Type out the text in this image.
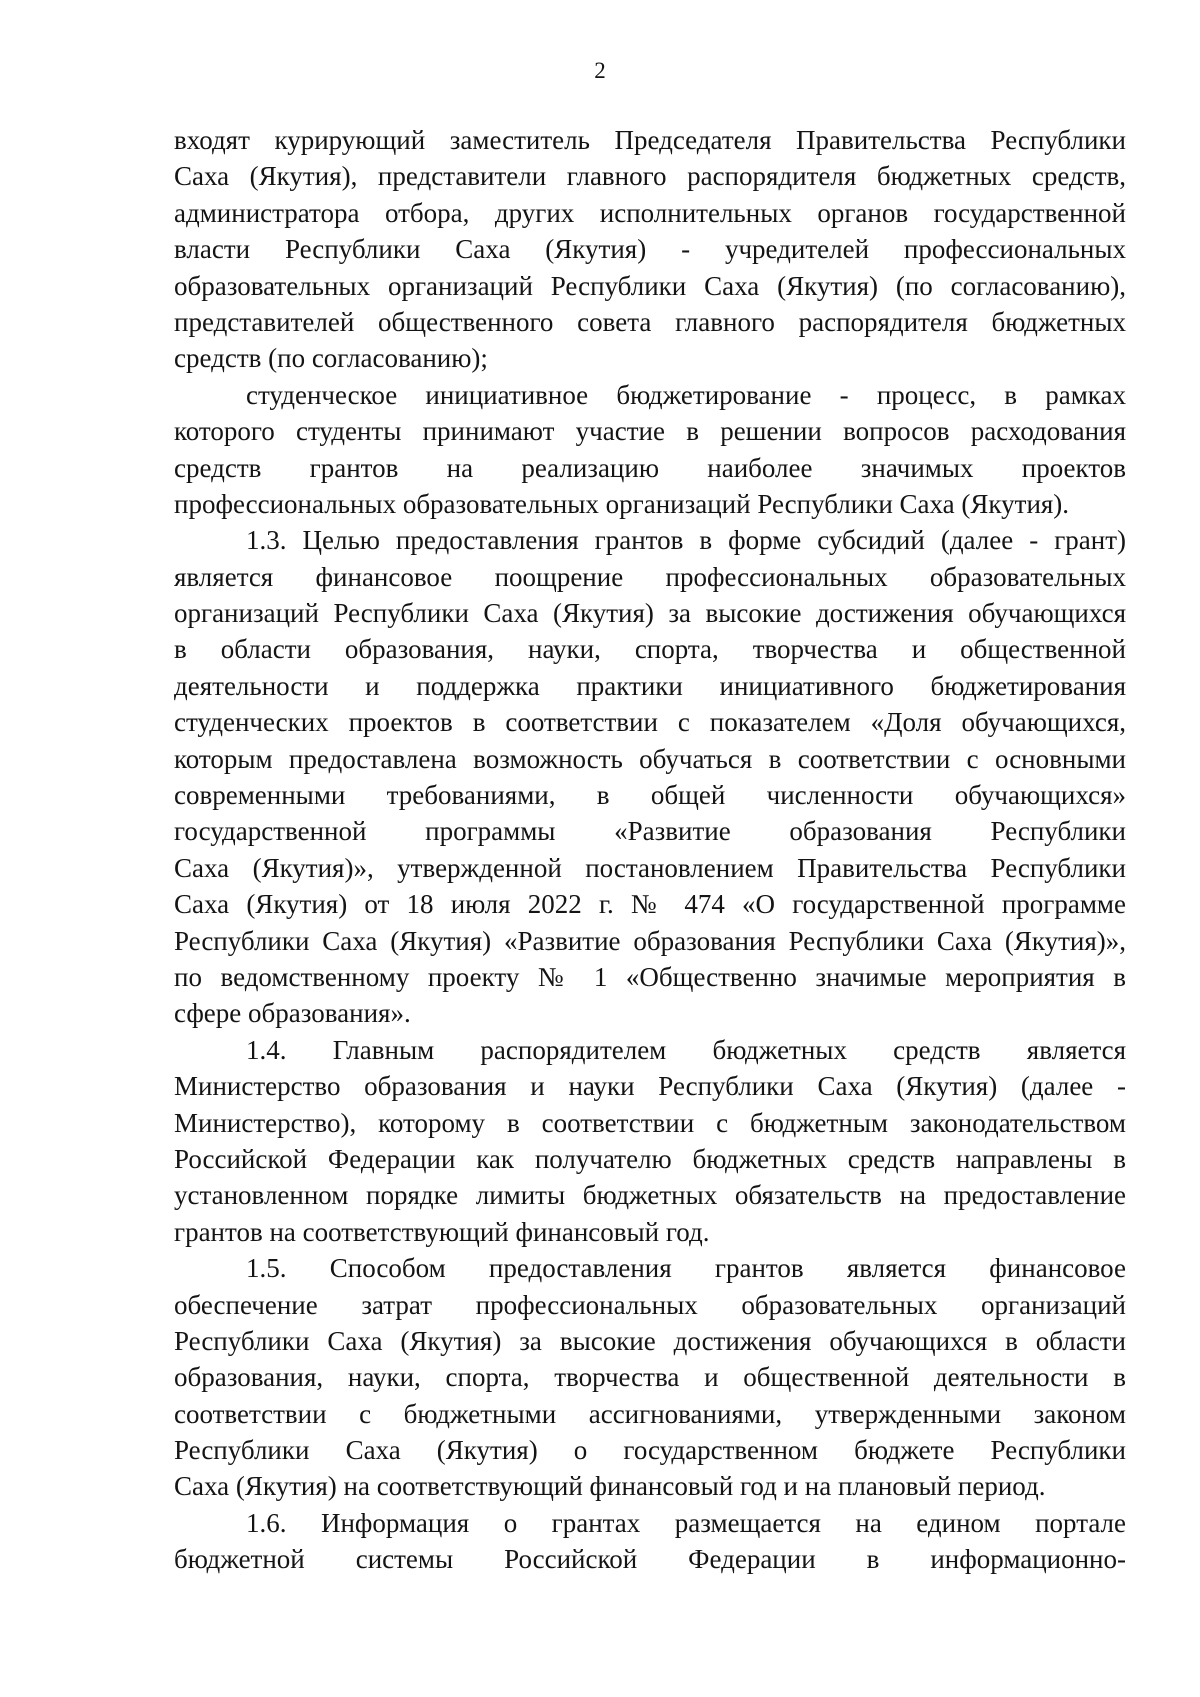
2
входят курирующий заместитель Председателя Правительства Республики
Саха (Якутия), представители главного распорядителя бюджетных средств,
администратора отбора, других исполнительных органов государственной
власти Республики Саха (Якутия) - учредителей профессиональных
образовательных организаций Республики Саха (Якутия) (по согласованию),
представителей общественного совета главного распорядителя бюджетных
средств (по согласованию);
студенческое инициативное бюджетирование - процесс, в рамках
которого студенты принимают участие в решении вопросов расходования
средств грантов на реализацию наиболее значимых проектов
профессиональных образовательных организаций Республики Саха (Якутия).
1.3. Целью предоставления грантов в форме субсидий (далее - грант)
является финансовое поощрение профессиональных образовательных
организаций Республики Саха (Якутия) за высокие достижения обучающихся
в области образования, науки, спорта, творчества и общественной
деятельности и поддержка практики инициативного бюджетирования
студенческих проектов в соответствии с показателем «Доля обучающихся,
которым предоставлена возможность обучаться в соответствии с основными
современными требованиями, в общей численности обучающихся»
государственной программы «Развитие образования Республики
Саха (Якутия)», утвержденной постановлением Правительства Республики
Саха (Якутия) от 18 июля 2022 г. № 474 «О государственной программе
Республики Саха (Якутия) «Развитие образования Республики Саха (Якутия)»,
по ведомственному проекту № 1 «Общественно значимые мероприятия в
сфере образования».
1.4. Главным распорядителем бюджетных средств является
Министерство образования и науки Республики Саха (Якутия) (далее -
Министерство), которому в соответствии с бюджетным законодательством
Российской Федерации как получателю бюджетных средств направлены в
установленном порядке лимиты бюджетных обязательств на предоставление
грантов на соответствующий финансовый год.
1.5. Способом предоставления грантов является финансовое
обеспечение затрат профессиональных образовательных организаций
Республики Саха (Якутия) за высокие достижения обучающихся в области
образования, науки, спорта, творчества и общественной деятельности в
соответствии с бюджетными ассигнованиями, утвержденными законом
Республики Саха (Якутия) о государственном бюджете Республики
Саха (Якутия) на соответствующий финансовый год и на плановый период.
1.6. Информация о грантах размещается на едином портале
бюджетной системы Российской Федерации в информационно-
